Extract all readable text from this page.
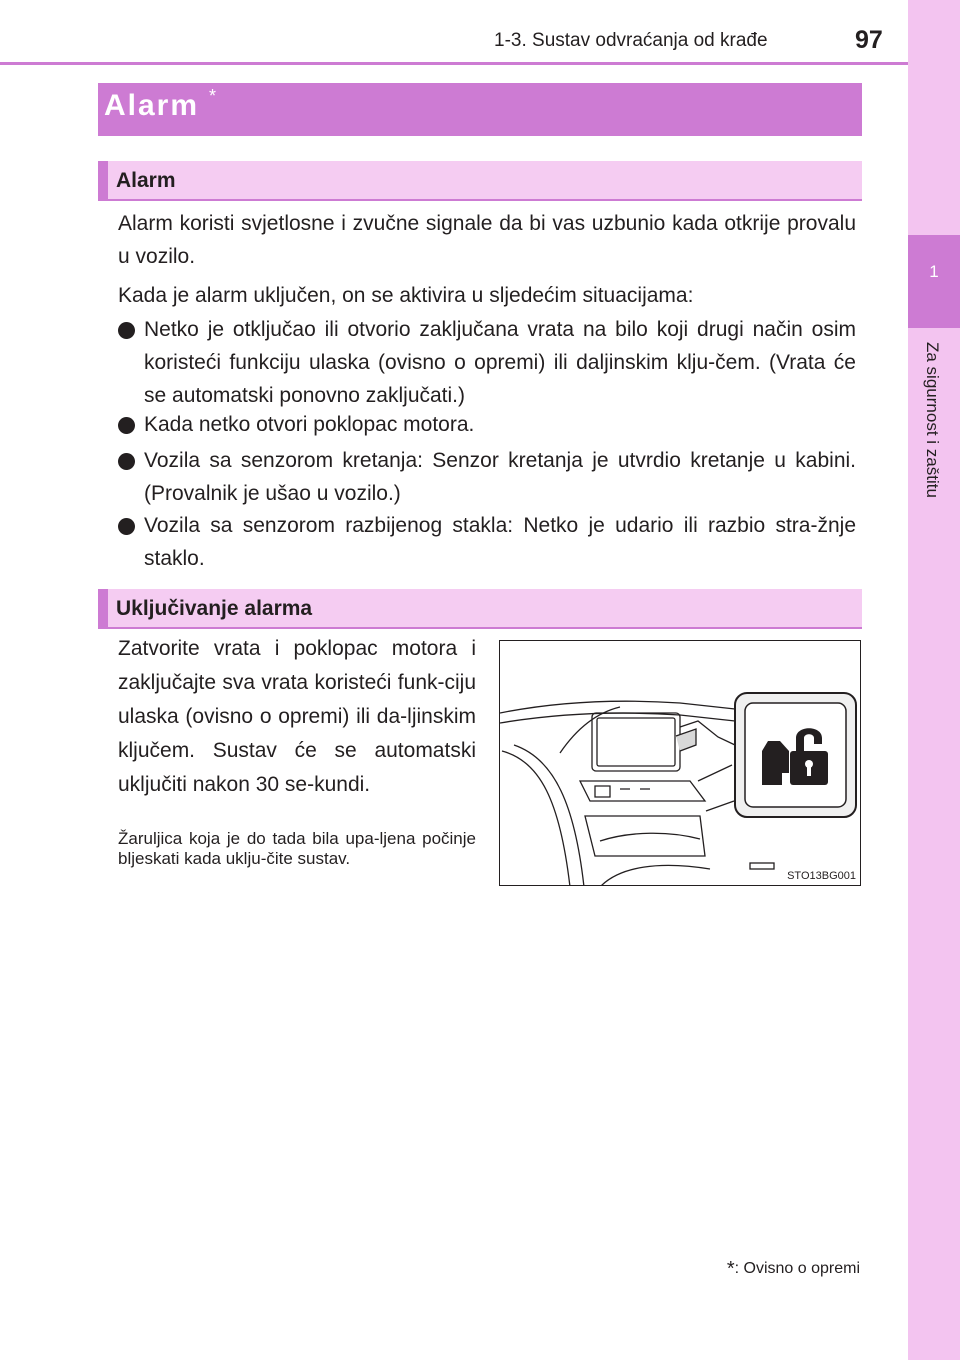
1
Za sigurnost i zaštitu
1-3. Sustav odvraćanja od krađe	97
Alarm *
Alarm

Alarm koristi svjetlosne i zvučne signale da bi vas uzbunio kada otkrije provalu u vozilo.

Kada je alarm uključen, on se aktivira u sljedećim situacijama:

Netko je otključao ili otvorio zaključana vrata na bilo koji drugi način osim koristeći funkciju ulaska (ovisno o opremi) ili daljinskim klju-čem. (Vrata će se automatski ponovno zaključati.)
Kada netko otvori poklopac motora.
Vozila sa senzorom kretanja: Senzor kretanja je utvrdio kretanje u kabini. (Provalnik je ušao u vozilo.)
Vozila sa senzorom razbijenog stakla: Netko je udario ili razbio stra-žnje staklo.
Uključivanje alarma

Zatvorite vrata i poklopac motora i zaključajte sva vrata koristeći funk-ciju ulaska (ovisno o opremi) ili da-ljinskim ključem. Sustav će se automatski uključiti nakon 30 se-kundi.

Žaruljica koja je do tada bila upa-ljena počinje bljeskati kada uklju-čite sustav.

STO13BG001
*: Ovisno o opremi
